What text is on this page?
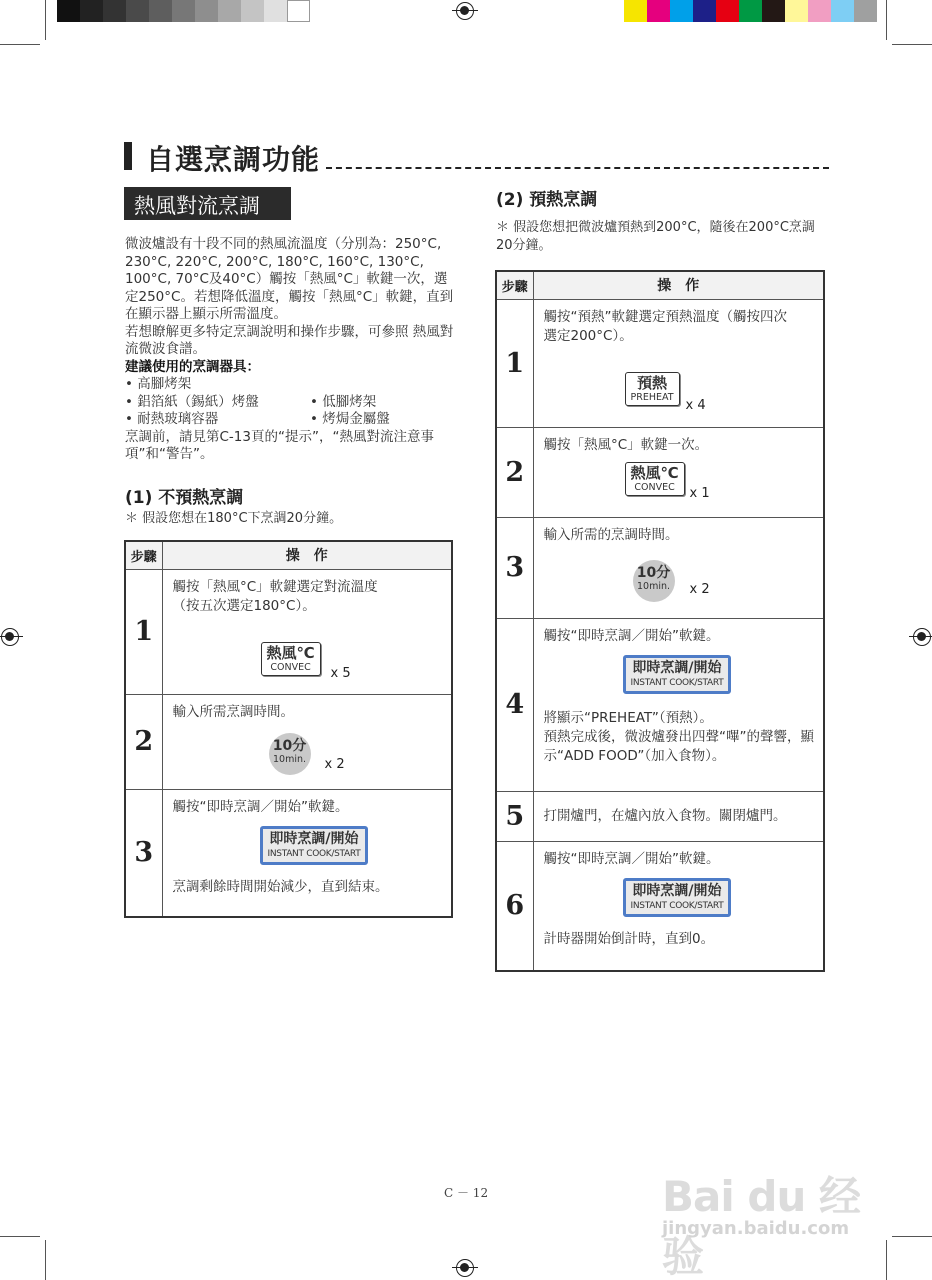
自選烹調功能
熱風對流烹調

微波爐設有十段不同的熱風流溫度（分別為：250°C, 230°C, 220°C, 200°C, 180°C, 160°C, 130°C, 100°C, 70°C及40°C）觸按「熱風°C」軟鍵一次，選定250°C。若想降低溫度，觸按「熱風°C」軟鍵，直到在顯示器上顯示所需溫度。

若想瞭解更多特定烹調說明和操作步驟，可參照 熱風對流微波食譜。

建議使用的烹調器具：

• 高腳烤架
• 鋁箔紙（錫紙）烤盤	• 低腳烤架
• 耐熱玻璃容器	• 烤焗金屬盤

烹調前，請見第C-13頁的“提示”，“熱風對流注意事項”和“警告”。

(1) 不預熱烹調
＊ 假設您想在180°C下烹調20分鐘。
步驟	操　作
1	觸按「熱風°C」軟鍵選定對流溫度（按五次選定180°C）。
熱風℃
CONVEC x 5

2	輸入所需烹調時間。
10分
10min. x 2

3	觸按“即時烹調／開始”軟鍵。
即時烹調/開始
INSTANT COOK/START
烹調剩餘時間開始減少，直到結束。
(2) 預熱烹調
＊ 假設您想把微波爐預熱到200°C，隨後在200°C烹調20分鐘。
步驟	操　作
1	觸按“預熱”軟鍵選定預熱溫度（觸按四次選定200°C）。
預熱
PREHEAT
x 4

2	觸按「熱風°C」軟鍵一次。
熱風℃
CONVEC x 1

3	輸入所需的烹調時間。
10分
10min. x 2

4	觸按“即時烹調／開始”軟鍵。
即時烹調/開始
INSTANT COOK/START
將顯示“PREHEAT”（預熱）。
預熱完成後，微波爐發出四聲“嗶”的聲響，顯示“ADD FOOD”（加入食物）。

5	打開爐門，在爐內放入食物。關閉爐門。

6	觸按“即時烹調／開始”軟鍵。
即時烹調/開始
INSTANT COOK/START
計時器開始倒計時，直到0。
C － 12	Bai du 经验
jingyan.baidu.com
